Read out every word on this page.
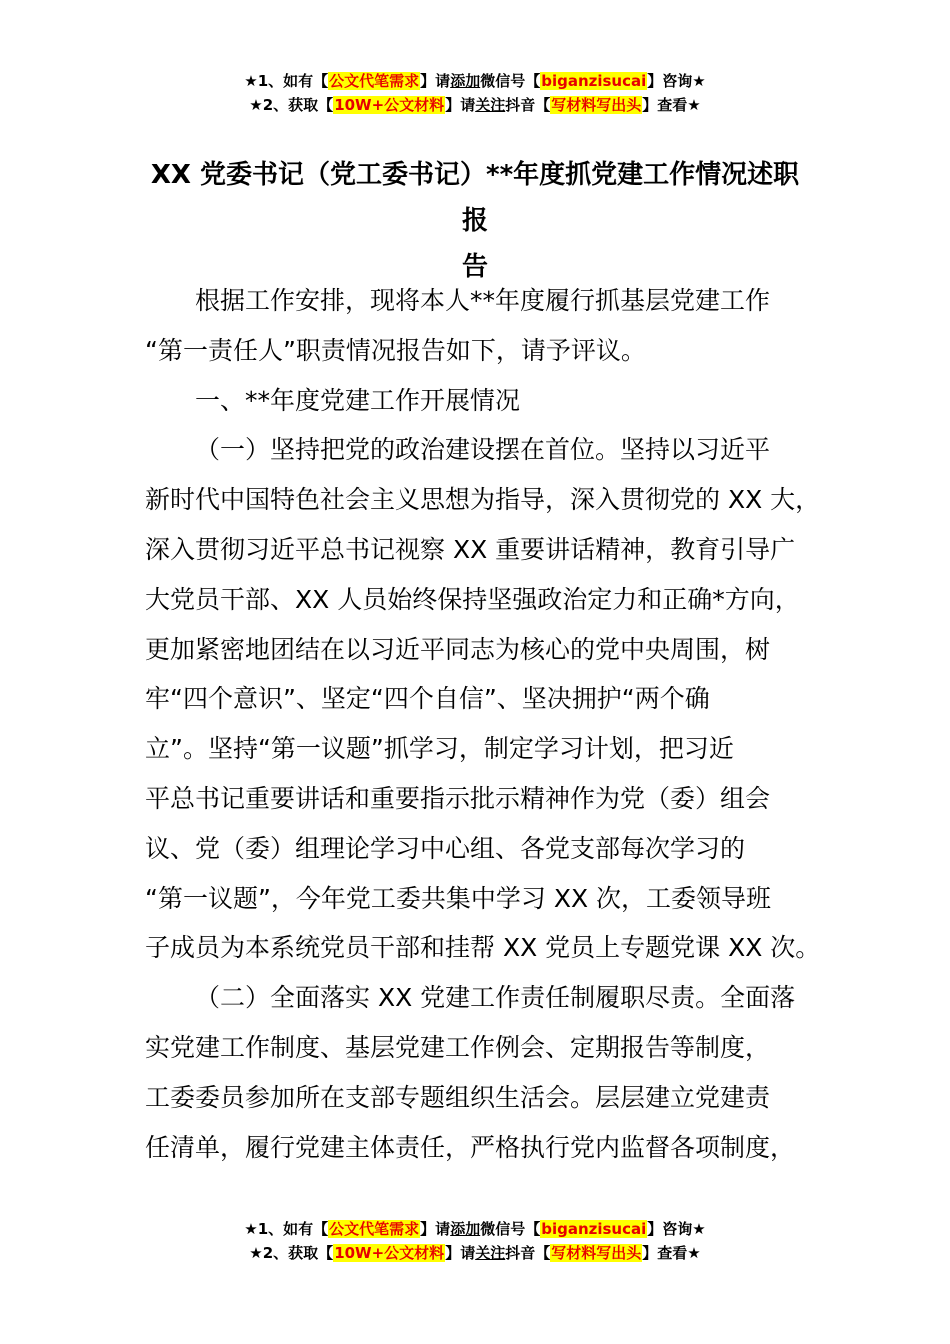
★1、如有【公文代笔需求】请添加微信号【biganzisucai】咨询★
★2、获取【10W+公文材料】请关注抖音【写材料写出头】查看★
XX 党委书记（党工委书记）**年度抓党建工作情况述职报
告
根据工作安排，现将本人**年度履行抓基层党建工作
“第一责任人”职责情况报告如下，请予评议。
一、**年度党建工作开展情况
（一）坚持把党的政治建设摆在首位。坚持以习近平
新时代中国特色社会主义思想为指导，深入贯彻党的 XX 大，
深入贯彻习近平总书记视察 XX 重要讲话精神，教育引导广
大党员干部、XX 人员始终保持坚强政治定力和正确*方向，
更加紧密地团结在以习近平同志为核心的党中央周围，树
牢“四个意识”、坚定“四个自信”、坚决拥护“两个确
立”。坚持“第一议题”抓学习，制定学习计划，把习近
平总书记重要讲话和重要指示批示精神作为党（委）组会
议、党（委）组理论学习中心组、各党支部每次学习的
“第一议题”，今年党工委共集中学习 XX 次，工委领导班
子成员为本系统党员干部和挂帮 XX 党员上专题党课 XX 次。
（二）全面落实 XX 党建工作责任制履职尽责。全面落
实党建工作制度、基层党建工作例会、定期报告等制度，
工委委员参加所在支部专题组织生活会。层层建立党建责
任清单，履行党建主体责任，严格执行党内监督各项制度，
★1、如有【公文代笔需求】请添加微信号【biganzisucai】咨询★
★2、获取【10W+公文材料】请关注抖音【写材料写出头】查看★
